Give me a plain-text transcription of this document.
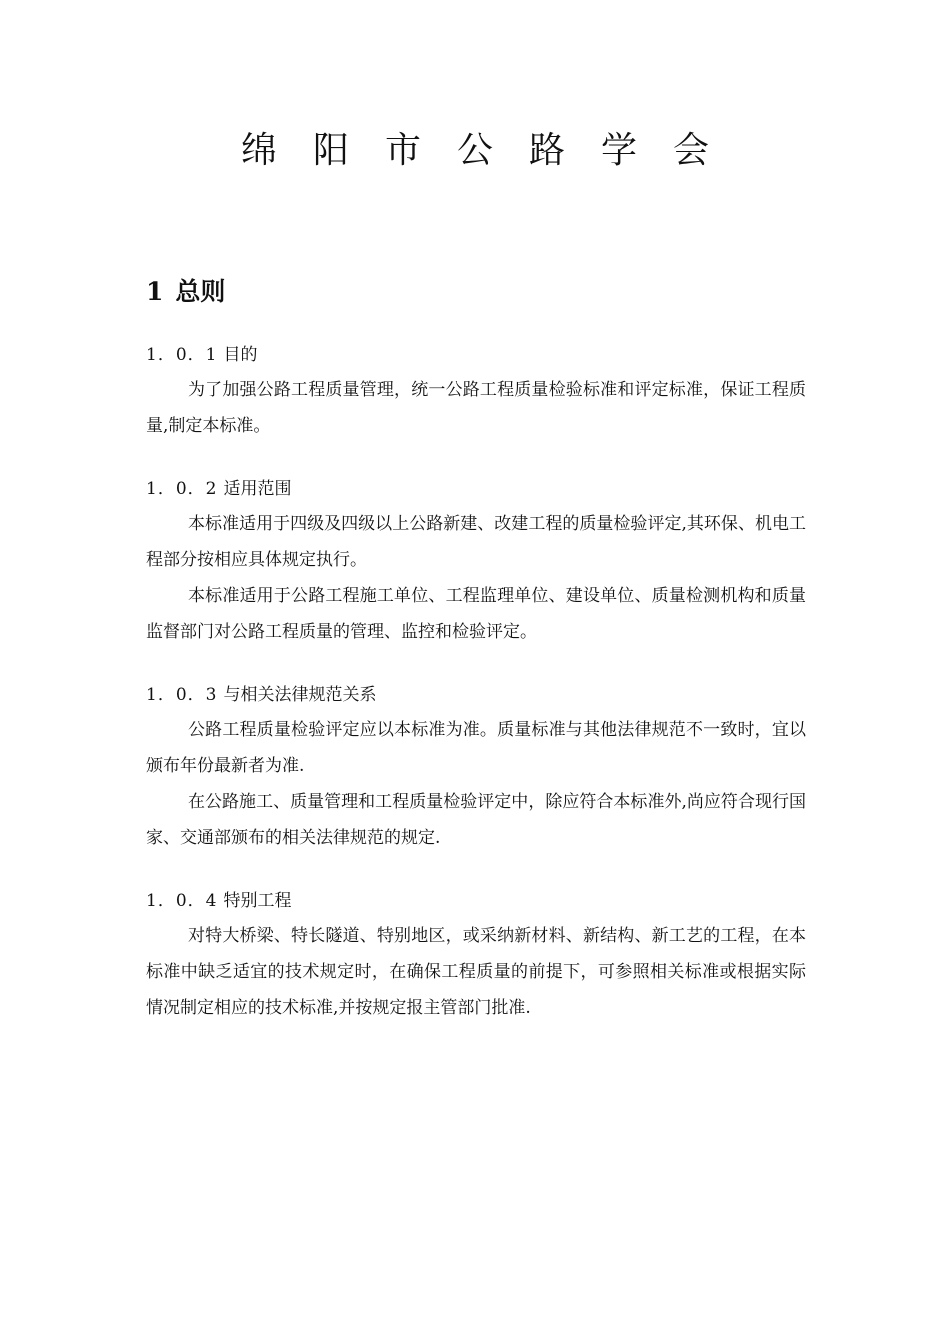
绵阳市公路学会
1 总则
1．0．1 目的

为了加强公路工程质量管理，统一公路工程质量检验标准和评定标准，保证工程质量,制定本标准。

1．0．2 适用范围

本标准适用于四级及四级以上公路新建、改建工程的质量检验评定,其环保、机电工程部分按相应具体规定执行。

本标准适用于公路工程施工单位、工程监理单位、建设单位、质量检测机构和质量监督部门对公路工程质量的管理、监控和检验评定。

1．0．3 与相关法律规范关系

公路工程质量检验评定应以本标准为准。质量标准与其他法律规范不一致时，宜以颁布年份最新者为准.

在公路施工、质量管理和工程质量检验评定中，除应符合本标准外,尚应符合现行国家、交通部颁布的相关法律规范的规定.

1．0．4 特别工程

对特大桥梁、特长隧道、特别地区，或采纳新材料、新结构、新工艺的工程，在本标准中缺乏适宜的技术规定时，在确保工程质量的前提下，可参照相关标准或根据实际情况制定相应的技术标准,并按规定报主管部门批准.
